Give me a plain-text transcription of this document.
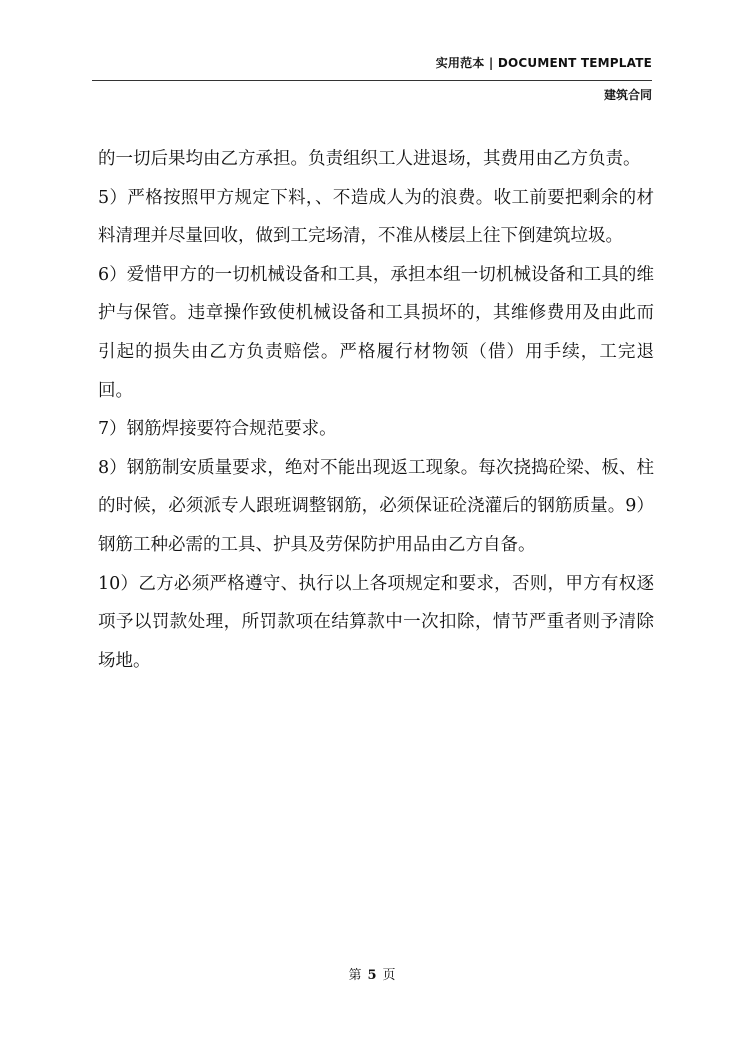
实用范本 | DOCUMENT TEMPLATE
建筑合同

的一切后果均由乙方承担。负责组织工人进退场，其费用由乙方负责。

5）严格按照甲方规定下料，、不造成人为的浪费。收工前要把剩余的材料清理并尽量回收，做到工完场清，不准从楼层上往下倒建筑垃圾。

6）爱惜甲方的一切机械设备和工具，承担本组一切机械设备和工具的维护与保管。违章操作致使机械设备和工具损坏的，其维修费用及由此而引起的损失由乙方负责赔偿。严格履行材物领（借）用手续，工完退回。

7）钢筋焊接要符合规范要求。

8）钢筋制安质量要求，绝对不能出现返工现象。每次挠捣砼梁、板、柱的时候，必须派专人跟班调整钢筋，必须保证砼浇灌后的钢筋质量。9）钢筋工种必需的工具、护具及劳保防护用品由乙方自备。

10）乙方必须严格遵守、执行以上各项规定和要求，否则，甲方有权逐项予以罚款处理，所罚款项在结算款中一次扣除，情节严重者则予清除场地。

第 5 页
